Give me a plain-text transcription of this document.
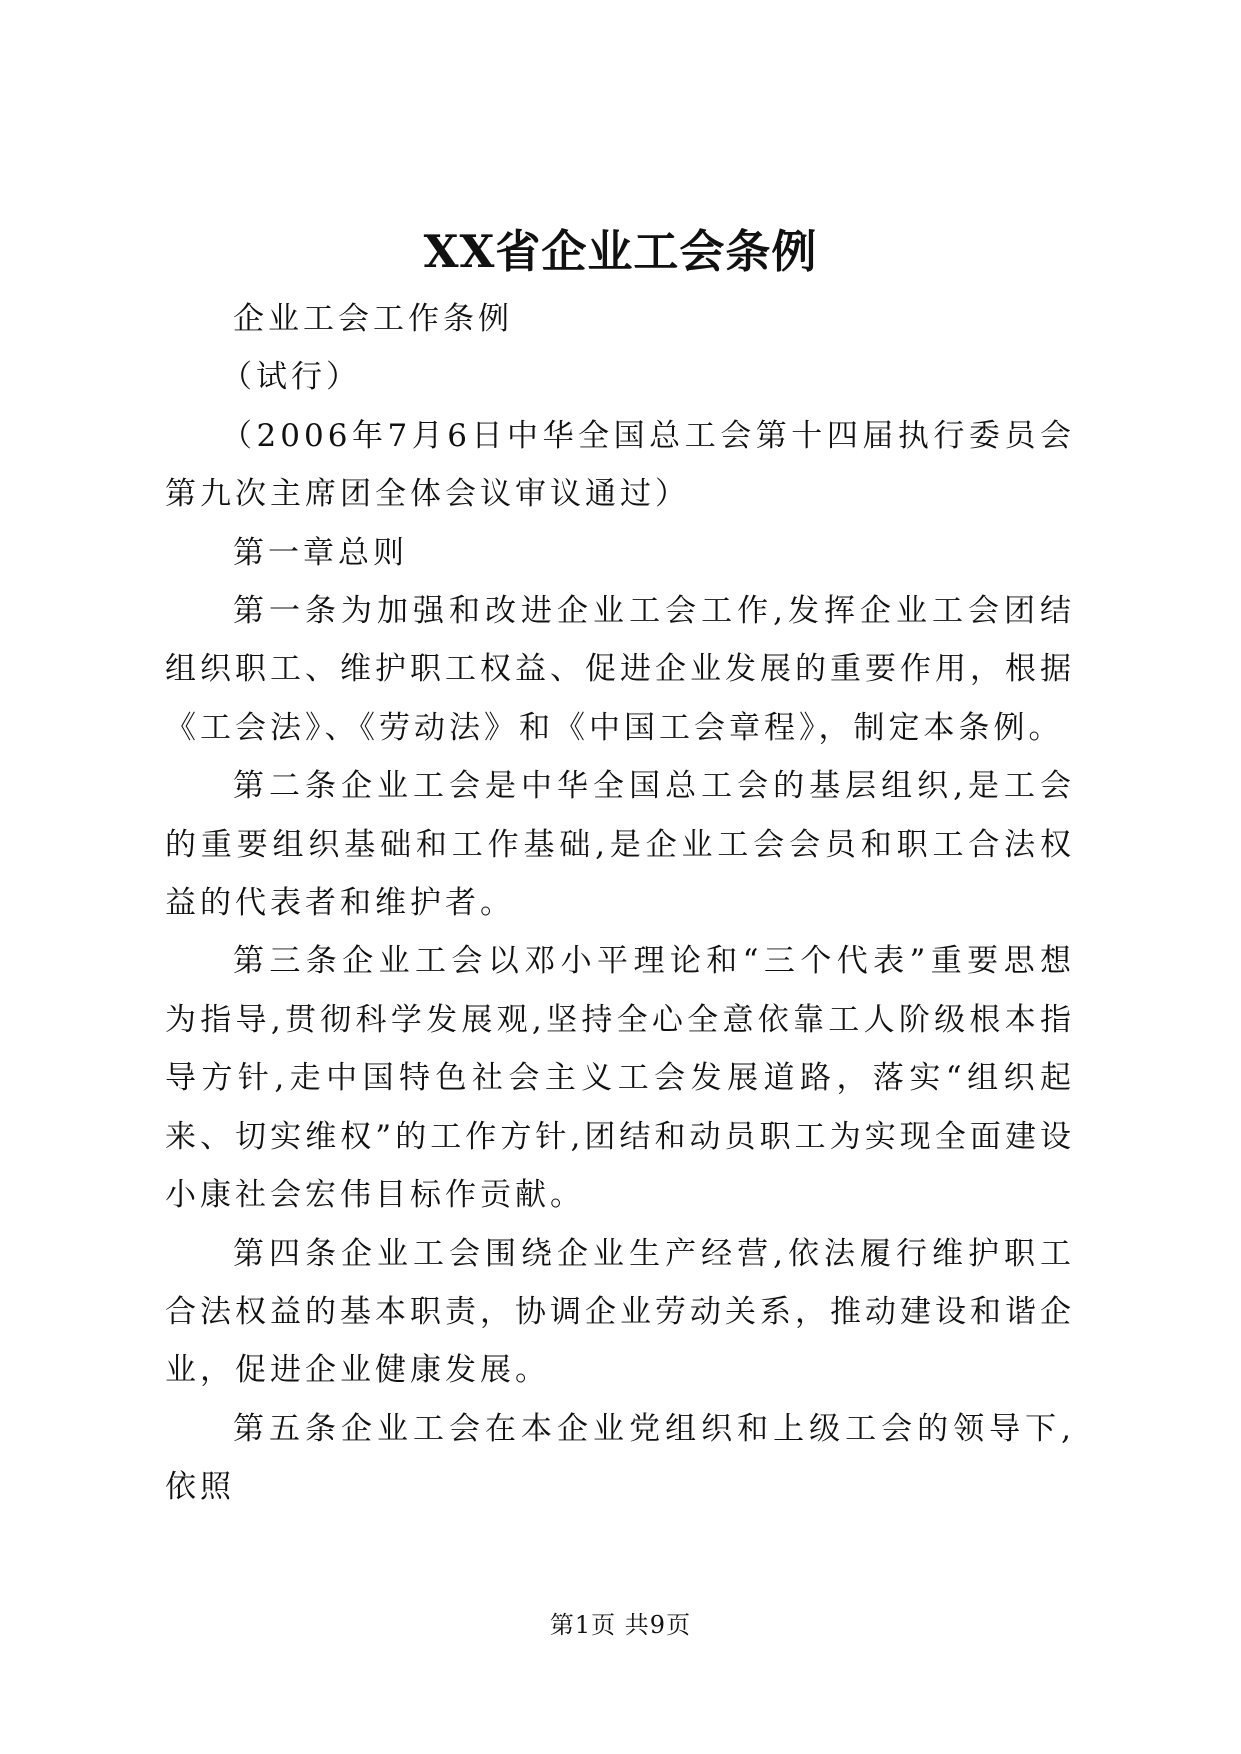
XX省企业工会条例

企业工会工作条例

（试行）

（2006年7月6日中华全国总工会第十四届执行委员会第九次主席团全体会议审议通过）

第一章总则

第一条为加强和改进企业工会工作,发挥企业工会团结组织职工、维护职工权益、促进企业发展的重要作用，根据《工会法》、《劳动法》和《中国工会章程》，制定本条例。

第二条企业工会是中华全国总工会的基层组织,是工会的重要组织基础和工作基础,是企业工会会员和职工合法权益的代表者和维护者。

第三条企业工会以邓小平理论和“三个代表”重要思想为指导,贯彻科学发展观,坚持全心全意依靠工人阶级根本指导方针,走中国特色社会主义工会发展道路，落实“组织起来、切实维权”的工作方针,团结和动员职工为实现全面建设小康社会宏伟目标作贡献。

第四条企业工会围绕企业生产经营,依法履行维护职工合法权益的基本职责，协调企业劳动关系，推动建设和谐企业，促进企业健康发展。

第五条企业工会在本企业党组织和上级工会的领导下,依照

第1页 共9页
